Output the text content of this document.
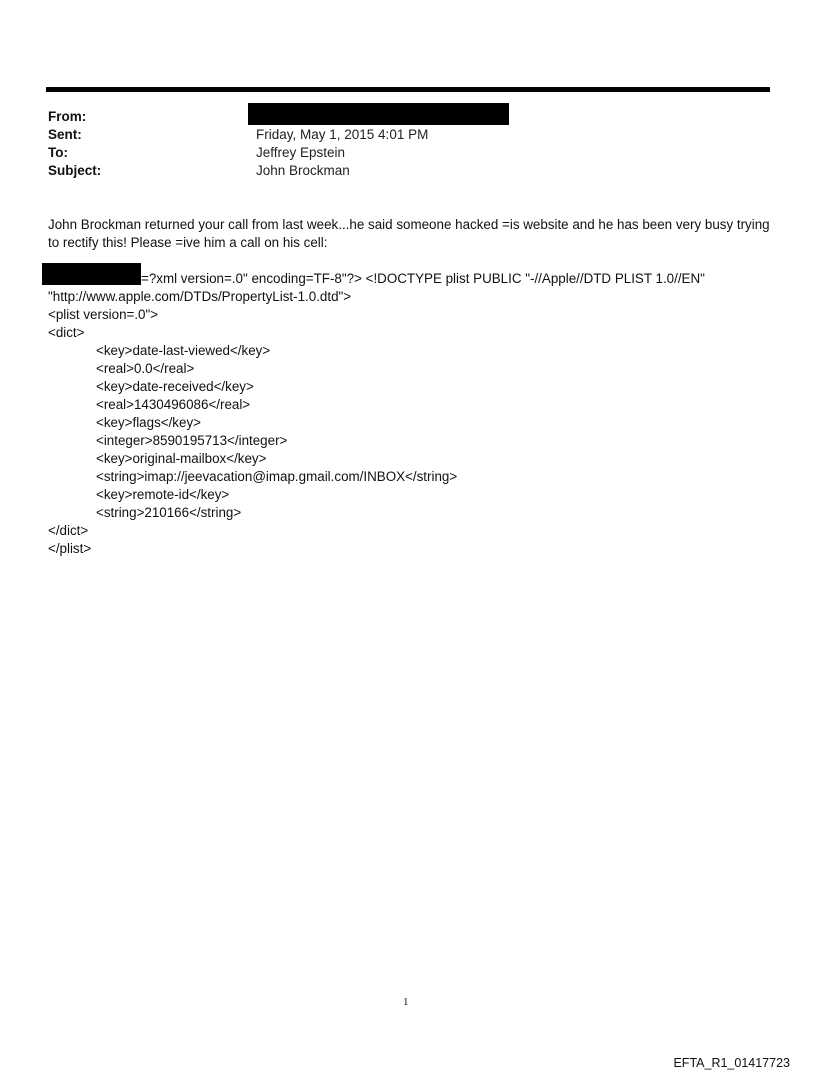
From:
Sent:	Friday, May 1, 2015 4:01 PM
To:	Jeffrey Epstein
Subject:	John Brockman
John Brockman returned your call from last week...he said someone hacked =is website and he has been very busy trying
to rectify this! Please =ive him a call on his cell:
=?xml version=.0" encoding=TF-8"?> <!DOCTYPE plist PUBLIC "-//Apple//DTD PLIST 1.0//EN"
"http://www.apple.com/DTDs/PropertyList-1.0.dtd">
<plist version=.0">
<dict>
<key>date-last-viewed</key>
<real>0.0</real>
<key>date-received</key>
<real>1430496086</real>
<key>flags</key>
<integer>8590195713</integer>
<key>original-mailbox</key>
<string>imap://jeevacation@imap.gmail.com/INBOX</string>
<key>remote-id</key>
<string>210166</string>
</dict>
</plist>
1
EFTA_R1_01417723
